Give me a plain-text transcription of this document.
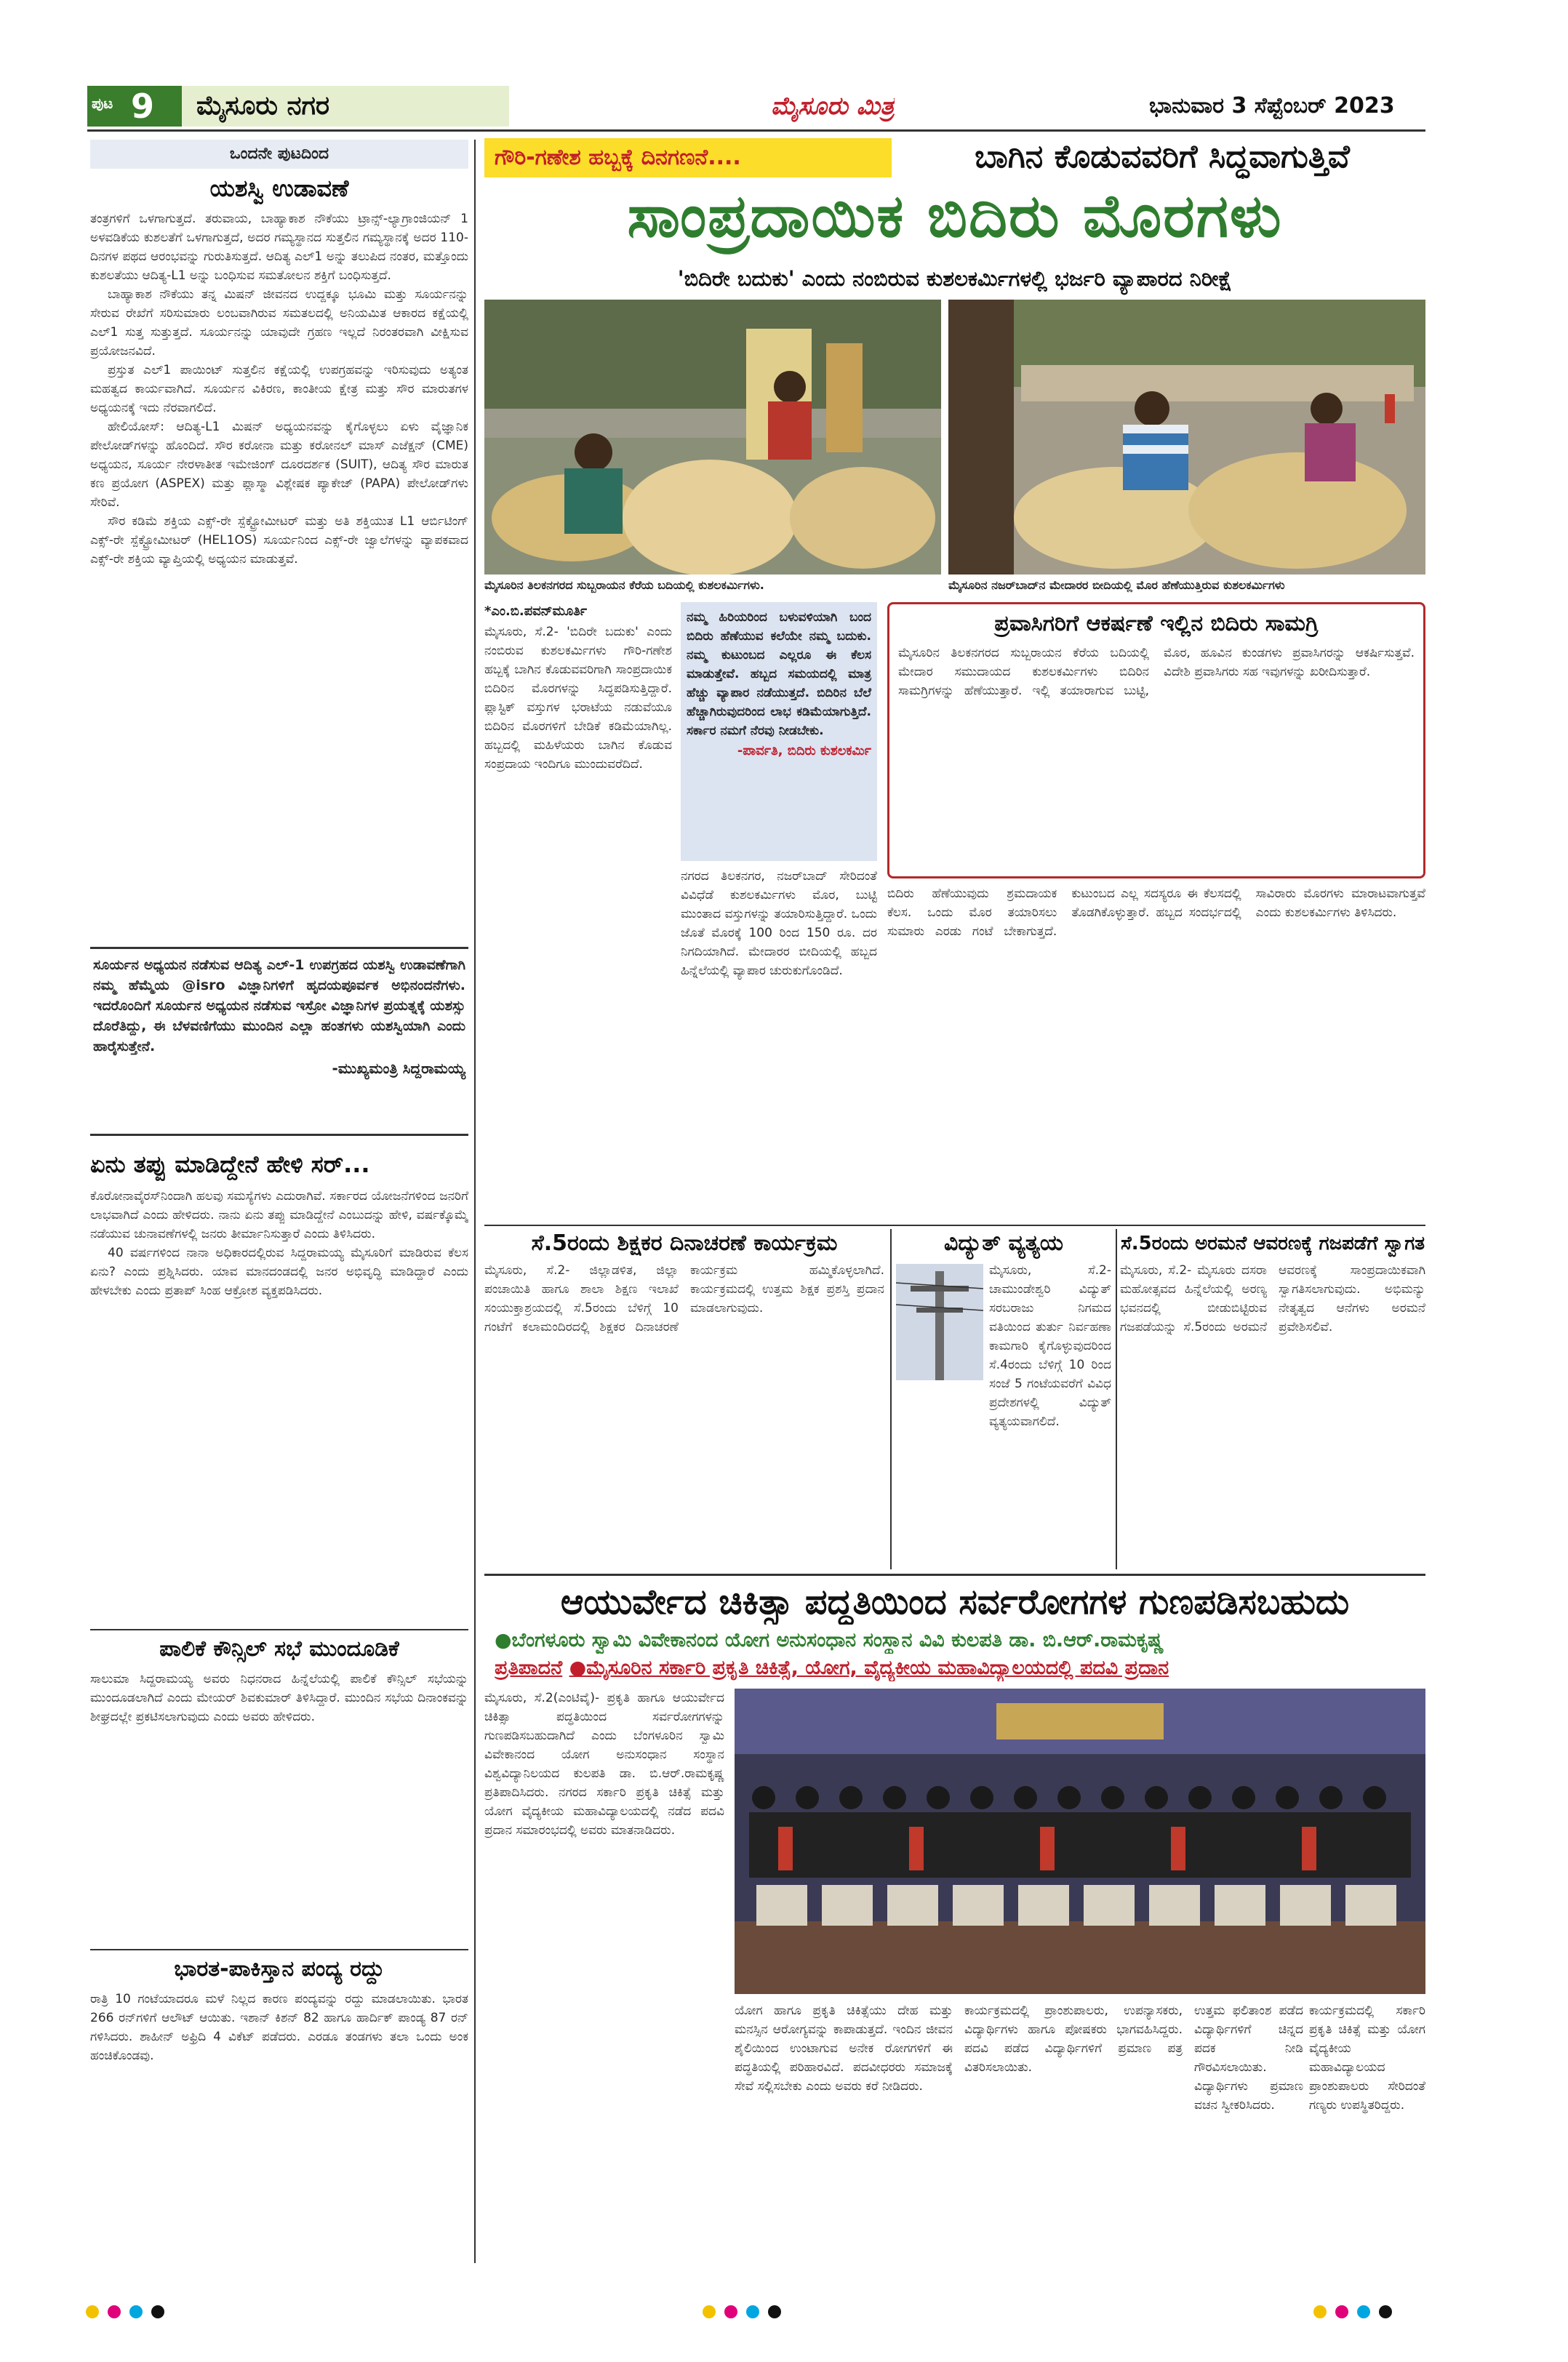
ಪುಟ 9 ಮೈಸೂರು ನಗರ	ಮೈಸೂರು ಮಿತ್ರ	ಭಾನುವಾರ 3 ಸೆಪ್ಟೆಂಬರ್ 2023
ಒಂದನೇ ಪುಟದಿಂದ
ಯಶಸ್ವಿ ಉಡಾವಣೆ

ತಂತ್ರಗಳಿಗೆ ಒಳಗಾಗುತ್ತದೆ. ತರುವಾಯ, ಬಾಹ್ಯಾಕಾಶ ನೌಕೆಯು ಟ್ರಾನ್ಸ್-ಲ್ಯಾಗ್ರಾಂಜಿಯನ್ 1 ಅಳವಡಿಕೆಯ ಕುಶಲತೆಗೆ ಒಳಗಾಗುತ್ತದೆ, ಅದರ ಗಮ್ಯಸ್ಥಾನದ ಸುತ್ತಲಿನ ಗಮ್ಯಸ್ಥಾನಕ್ಕೆ ಅದರ 110-ದಿನಗಳ ಪಥದ ಆರಂಭವನ್ನು ಗುರುತಿಸುತ್ತದೆ. ಆದಿತ್ಯ ಎಲ್1 ಅನ್ನು ತಲುಪಿದ ನಂತರ, ಮತ್ತೊಂದು ಕುಶಲತೆಯು ಆದಿತ್ಯ-L1 ಅನ್ನು ಬಂಧಿಸುವ ಸಮತೋಲನ ಶಕ್ತಿಗೆ ಬಂಧಿಸುತ್ತದೆ.

ಬಾಹ್ಯಾಕಾಶ ನೌಕೆಯು ತನ್ನ ಮಿಷನ್ ಜೀವನದ ಉದ್ದಕ್ಕೂ ಭೂಮಿ ಮತ್ತು ಸೂರ್ಯನನ್ನು ಸೇರುವ ರೇಖೆಗೆ ಸರಿಸುಮಾರು ಲಂಬವಾಗಿರುವ ಸಮತಲದಲ್ಲಿ ಅನಿಯಮಿತ ಆಕಾರದ ಕಕ್ಷೆಯಲ್ಲಿ ಎಲ್1 ಸುತ್ತ ಸುತ್ತುತ್ತದೆ. ಸೂರ್ಯನನ್ನು ಯಾವುದೇ ಗ್ರಹಣ ಇಲ್ಲದೆ ನಿರಂತರವಾಗಿ ವೀಕ್ಷಿಸುವ ಪ್ರಯೋಜನವಿದೆ.

ಪ್ರಸ್ತುತ ಎಲ್1 ಪಾಯಿಂಟ್ ಸುತ್ತಲಿನ ಕಕ್ಷೆಯಲ್ಲಿ ಉಪಗ್ರಹವನ್ನು ಇರಿಸುವುದು ಅತ್ಯಂತ ಮಹತ್ವದ ಕಾರ್ಯವಾಗಿದೆ. ಸೂರ್ಯನ ವಿಕಿರಣ, ಕಾಂತೀಯ ಕ್ಷೇತ್ರ ಮತ್ತು ಸೌರ ಮಾರುತಗಳ ಅಧ್ಯಯನಕ್ಕೆ ಇದು ನೆರವಾಗಲಿದೆ.

ಹೇಲಿಯೋಸ್: ಆದಿತ್ಯ-L1 ಮಿಷನ್ ಅಧ್ಯಯನವನ್ನು ಕೈಗೊಳ್ಳಲು ಏಳು ವೈಜ್ಞಾನಿಕ ಪೇಲೋಡ್‌ಗಳನ್ನು ಹೊಂದಿದೆ. ಸೌರ ಕರೋನಾ ಮತ್ತು ಕರೋನಲ್ ಮಾಸ್ ಎಜೆಕ್ಷನ್ (CME) ಅಧ್ಯಯನ, ಸೂರ್ಯ ನೇರಳಾತೀತ ಇಮೇಜಿಂಗ್ ದೂರದರ್ಶಕ (SUIT), ಆದಿತ್ಯ ಸೌರ ಮಾರುತ ಕಣ ಪ್ರಯೋಗ (ASPEX) ಮತ್ತು ಪ್ಲಾಸ್ಮಾ ವಿಶ್ಲೇಷಕ ಪ್ಯಾಕೇಜ್ (PAPA) ಪೇಲೋಡ್‌ಗಳು ಸೇರಿವೆ.

ಸೌರ ಕಡಿಮೆ ಶಕ್ತಿಯ ಎಕ್ಸ್-ರೇ ಸ್ಪೆಕ್ಟ್ರೋಮೀಟರ್ ಮತ್ತು ಅತಿ ಶಕ್ತಿಯುತ L1 ಆರ್ಬಿಟಿಂಗ್ ಎಕ್ಸ್-ರೇ ಸ್ಪೆಕ್ಟ್ರೋಮೀಟರ್ (HEL1OS) ಸೂರ್ಯನಿಂದ ಎಕ್ಸ್-ರೇ ಜ್ವಾಲೆಗಳನ್ನು ವ್ಯಾಪಕವಾದ ಎಕ್ಸ್-ರೇ ಶಕ್ತಿಯ ವ್ಯಾಪ್ತಿಯಲ್ಲಿ ಅಧ್ಯಯನ ಮಾಡುತ್ತವೆ.

ಸೂರ್ಯನ ಅಧ್ಯಯನ ನಡೆಸುವ ಆದಿತ್ಯ ಎಲ್-1 ಉಪಗ್ರಹದ ಯಶಸ್ವಿ ಉಡಾವಣೆಗಾಗಿ ನಮ್ಮ ಹೆಮ್ಮೆಯ @isro ವಿಜ್ಞಾನಿಗಳಿಗೆ ಹೃದಯಪೂರ್ವಕ ಅಭಿನಂದನೆಗಳು. ಇದರೊಂದಿಗೆ ಸೂರ್ಯನ ಅಧ್ಯಯನ ನಡೆಸುವ ಇಸ್ರೋ ವಿಜ್ಞಾನಿಗಳ ಪ್ರಯತ್ನಕ್ಕೆ ಯಶಸ್ಸು ದೊರೆತಿದ್ದು, ಈ ಬೆಳವಣಿಗೆಯು ಮುಂದಿನ ಎಲ್ಲಾ ಹಂತಗಳು ಯಶಸ್ವಿಯಾಗಿ ಎಂದು ಹಾರೈಸುತ್ತೇನೆ.
-ಮುಖ್ಯಮಂತ್ರಿ ಸಿದ್ದರಾಮಯ್ಯ
ಏನು ತಪ್ಪು ಮಾಡಿದ್ದೇನೆ ಹೇಳಿ ಸರ್...

ಕೊರೋನಾವೈರಸ್‌ನಿಂದಾಗಿ ಹಲವು ಸಮಸ್ಯೆಗಳು ಎದುರಾಗಿವೆ. ಸರ್ಕಾರದ ಯೋಜನೆಗಳಿಂದ ಜನರಿಗೆ ಲಾಭವಾಗಿದೆ ಎಂದು ಹೇಳಿದರು. ನಾನು ಏನು ತಪ್ಪು ಮಾಡಿದ್ದೇನೆ ಎಂಬುದನ್ನು ಹೇಳಿ, ವರ್ಷಕ್ಕೊಮ್ಮೆ ನಡೆಯುವ ಚುನಾವಣೆಗಳಲ್ಲಿ ಜನರು ತೀರ್ಮಾನಿಸುತ್ತಾರೆ ಎಂದು ತಿಳಿಸಿದರು.

40 ವರ್ಷಗಳಿಂದ ನಾನಾ ಅಧಿಕಾರದಲ್ಲಿರುವ ಸಿದ್ದರಾಮಯ್ಯ ಮೈಸೂರಿಗೆ ಮಾಡಿರುವ ಕೆಲಸ ಏನು? ಎಂದು ಪ್ರಶ್ನಿಸಿದರು. ಯಾವ ಮಾನದಂಡದಲ್ಲಿ ಜನರ ಅಭಿವೃದ್ಧಿ ಮಾಡಿದ್ದಾರೆ ಎಂದು ಹೇಳಬೇಕು ಎಂದು ಪ್ರತಾಪ್ ಸಿಂಹ ಆಕ್ರೋಶ ವ್ಯಕ್ತಪಡಿಸಿದರು.

ಪಾಲಿಕೆ ಕೌನ್ಸಿಲ್ ಸಭೆ ಮುಂದೂಡಿಕೆ
ಸಾಲುಮಾ ಸಿದ್ದರಾಮಯ್ಯ ಅವರು ನಿಧನರಾದ ಹಿನ್ನೆಲೆಯಲ್ಲಿ ಪಾಲಿಕೆ ಕೌನ್ಸಿಲ್ ಸಭೆಯನ್ನು ಮುಂದೂಡಲಾಗಿದೆ ಎಂದು ಮೇಯರ್ ಶಿವಕುಮಾರ್ ತಿಳಿಸಿದ್ದಾರೆ. ಮುಂದಿನ ಸಭೆಯ ದಿನಾಂಕವನ್ನು ಶೀಘ್ರದಲ್ಲೇ ಪ್ರಕಟಿಸಲಾಗುವುದು ಎಂದು ಅವರು ಹೇಳಿದರು.
ಭಾರತ-ಪಾಕಿಸ್ತಾನ ಪಂದ್ಯ ರದ್ದು
ರಾತ್ರಿ 10 ಗಂಟೆಯಾದರೂ ಮಳೆ ನಿಲ್ಲದ ಕಾರಣ ಪಂದ್ಯವನ್ನು ರದ್ದು ಮಾಡಲಾಯಿತು. ಭಾರತ 266 ರನ್‌ಗಳಿಗೆ ಆಲೌಟ್ ಆಯಿತು. ಇಶಾನ್ ಕಿಶನ್ 82 ಹಾಗೂ ಹಾರ್ದಿಕ್ ಪಾಂಡ್ಯ 87 ರನ್ ಗಳಿಸಿದರು. ಶಾಹೀನ್ ಅಫ್ರಿದಿ 4 ವಿಕೆಟ್ ಪಡೆದರು. ಎರಡೂ ತಂಡಗಳು ತಲಾ ಒಂದು ಅಂಕ ಹಂಚಿಕೊಂಡವು.
ಗೌರಿ-ಗಣೇಶ ಹಬ್ಬಕ್ಕೆ ದಿನಗಣನೆ....	ಬಾಗಿನ ಕೊಡುವವರಿಗೆ ಸಿದ್ಧವಾಗುತ್ತಿವೆ
ಸಾಂಪ್ರದಾಯಿಕ ಬಿದಿರು ಮೊರಗಳು
'ಬಿದಿರೇ ಬದುಕು' ಎಂದು ನಂಬಿರುವ ಕುಶಲಕರ್ಮಿಗಳಲ್ಲಿ ಭರ್ಜರಿ ವ್ಯಾಪಾರದ ನಿರೀಕ್ಷೆ
ಮೈಸೂರಿನ ತಿಲಕನಗರದ ಸುಬ್ಬರಾಯನ ಕೆರೆಯ ಬದಿಯಲ್ಲಿ ಕುಶಲಕರ್ಮಿಗಳು.	ಮೈಸೂರಿನ ನಜರ್‌ಬಾದ್‌ನ ಮೇದಾರರ ಬೀದಿಯಲ್ಲಿ ಮೊರ ಹೆಣೆಯುತ್ತಿರುವ ಕುಶಲಕರ್ಮಿಗಳು
*ಎಂ.ಬಿ.ಪವನ್‌ಮೂರ್ತಿ
ಮೈಸೂರು, ಸೆ.2- 'ಬಿದಿರೇ ಬದುಕು' ಎಂದು ನಂಬಿರುವ ಕುಶಲಕರ್ಮಿಗಳು ಗೌರಿ-ಗಣೇಶ ಹಬ್ಬಕ್ಕೆ ಬಾಗಿನ ಕೊಡುವವರಿಗಾಗಿ ಸಾಂಪ್ರದಾಯಿಕ ಬಿದಿರಿನ ಮೊರಗಳನ್ನು ಸಿದ್ಧಪಡಿಸುತ್ತಿದ್ದಾರೆ. ಪ್ಲಾಸ್ಟಿಕ್ ವಸ್ತುಗಳ ಭರಾಟೆಯ ನಡುವೆಯೂ ಬಿದಿರಿನ ಮೊರಗಳಿಗೆ ಬೇಡಿಕೆ ಕಡಿಮೆಯಾಗಿಲ್ಲ. ಹಬ್ಬದಲ್ಲಿ ಮಹಿಳೆಯರು ಬಾಗಿನ ಕೊಡುವ ಸಂಪ್ರದಾಯ ಇಂದಿಗೂ ಮುಂದುವರೆದಿದೆ.
ನಮ್ಮ ಹಿರಿಯರಿಂದ ಬಳುವಳಿಯಾಗಿ ಬಂದ ಬಿದಿರು ಹೆಣೆಯುವ ಕಲೆಯೇ ನಮ್ಮ ಬದುಕು. ನಮ್ಮ ಕುಟುಂಬದ ಎಲ್ಲರೂ ಈ ಕೆಲಸ ಮಾಡುತ್ತೇವೆ. ಹಬ್ಬದ ಸಮಯದಲ್ಲಿ ಮಾತ್ರ ಹೆಚ್ಚು ವ್ಯಾಪಾರ ನಡೆಯುತ್ತದೆ. ಬಿದಿರಿನ ಬೆಲೆ ಹೆಚ್ಚಾಗಿರುವುದರಿಂದ ಲಾಭ ಕಡಿಮೆಯಾಗುತ್ತಿದೆ. ಸರ್ಕಾರ ನಮಗೆ ನೆರವು ನೀಡಬೇಕು.
-ಪಾರ್ವತಿ, ಬಿದಿರು ಕುಶಲಕರ್ಮಿ
ನಗರದ ತಿಲಕನಗರ, ನಜರ್‌ಬಾದ್ ಸೇರಿದಂತೆ ವಿವಿಧೆಡೆ ಕುಶಲಕರ್ಮಿಗಳು ಮೊರ, ಬುಟ್ಟಿ ಮುಂತಾದ ವಸ್ತುಗಳನ್ನು ತಯಾರಿಸುತ್ತಿದ್ದಾರೆ. ಒಂದು ಜೊತೆ ಮೊರಕ್ಕೆ 100 ರಿಂದ 150 ರೂ. ದರ ನಿಗದಿಯಾಗಿದೆ. ಮೇದಾರರ ಬೀದಿಯಲ್ಲಿ ಹಬ್ಬದ ಹಿನ್ನೆಲೆಯಲ್ಲಿ ವ್ಯಾಪಾರ ಚುರುಕುಗೊಂಡಿದೆ.
ಪ್ರವಾಸಿಗರಿಗೆ ಆಕರ್ಷಣೆ ಇಲ್ಲಿನ ಬಿದಿರು ಸಾಮಗ್ರಿ
ಮೈಸೂರಿನ ತಿಲಕನಗರದ ಸುಬ್ಬರಾಯನ ಕೆರೆಯ ಬದಿಯಲ್ಲಿ ಮೇದಾರ ಸಮುದಾಯದ ಕುಶಲಕರ್ಮಿಗಳು ಬಿದಿರಿನ ಸಾಮಗ್ರಿಗಳನ್ನು ಹೆಣೆಯುತ್ತಾರೆ. ಇಲ್ಲಿ ತಯಾರಾಗುವ ಬುಟ್ಟಿ, ಮೊರ, ಹೂವಿನ ಕುಂಡಗಳು ಪ್ರವಾಸಿಗರನ್ನು ಆಕರ್ಷಿಸುತ್ತವೆ. ವಿದೇಶಿ ಪ್ರವಾಸಿಗರು ಸಹ ಇವುಗಳನ್ನು ಖರೀದಿಸುತ್ತಾರೆ.
ಬಿದಿರು ಹೆಣೆಯುವುದು ಶ್ರಮದಾಯಕ ಕೆಲಸ. ಒಂದು ಮೊರ ತಯಾರಿಸಲು ಸುಮಾರು ಎರಡು ಗಂಟೆ ಬೇಕಾಗುತ್ತದೆ. ಕುಟುಂಬದ ಎಲ್ಲ ಸದಸ್ಯರೂ ಈ ಕೆಲಸದಲ್ಲಿ ತೊಡಗಿಕೊಳ್ಳುತ್ತಾರೆ. ಹಬ್ಬದ ಸಂದರ್ಭದಲ್ಲಿ ಸಾವಿರಾರು ಮೊರಗಳು ಮಾರಾಟವಾಗುತ್ತವೆ ಎಂದು ಕುಶಲಕರ್ಮಿಗಳು ತಿಳಿಸಿದರು.
ಸೆ.5ರಂದು ಶಿಕ್ಷಕರ ದಿನಾಚರಣೆ ಕಾರ್ಯಕ್ರಮ
ಮೈಸೂರು, ಸೆ.2- ಜಿಲ್ಲಾಡಳಿತ, ಜಿಲ್ಲಾ ಪಂಚಾಯಿತಿ ಹಾಗೂ ಶಾಲಾ ಶಿಕ್ಷಣ ಇಲಾಖೆ ಸಂಯುಕ್ತಾಶ್ರಯದಲ್ಲಿ ಸೆ.5ರಂದು ಬೆಳಿಗ್ಗೆ 10 ಗಂಟೆಗೆ ಕಲಾಮಂದಿರದಲ್ಲಿ ಶಿಕ್ಷಕರ ದಿನಾಚರಣೆ ಕಾರ್ಯಕ್ರಮ ಹಮ್ಮಿಕೊಳ್ಳಲಾಗಿದೆ. ಕಾರ್ಯಕ್ರಮದಲ್ಲಿ ಉತ್ತಮ ಶಿಕ್ಷಕ ಪ್ರಶಸ್ತಿ ಪ್ರದಾನ ಮಾಡಲಾಗುವುದು.
ವಿದ್ಯುತ್ ವ್ಯತ್ಯಯ
ಮೈಸೂರು, ಸೆ.2- ಚಾಮುಂಡೇಶ್ವರಿ ವಿದ್ಯುತ್ ಸರಬರಾಜು ನಿಗಮದ ವತಿಯಿಂದ ತುರ್ತು ನಿರ್ವಹಣಾ ಕಾಮಗಾರಿ ಕೈಗೊಳ್ಳುವುದರಿಂದ ಸೆ.4ರಂದು ಬೆಳಿಗ್ಗೆ 10 ರಿಂದ ಸಂಜೆ 5 ಗಂಟೆಯವರೆಗೆ ವಿವಿಧ ಪ್ರದೇಶಗಳಲ್ಲಿ ವಿದ್ಯುತ್ ವ್ಯತ್ಯಯವಾಗಲಿದೆ.
ಸೆ.5ರಂದು ಅರಮನೆ ಆವರಣಕ್ಕೆ ಗಜಪಡೆಗೆ ಸ್ವಾಗತ
ಮೈಸೂರು, ಸೆ.2- ಮೈಸೂರು ದಸರಾ ಮಹೋತ್ಸವದ ಹಿನ್ನೆಲೆಯಲ್ಲಿ ಅರಣ್ಯ ಭವನದಲ್ಲಿ ಬೀಡುಬಿಟ್ಟಿರುವ ಗಜಪಡೆಯನ್ನು ಸೆ.5ರಂದು ಅರಮನೆ ಆವರಣಕ್ಕೆ ಸಾಂಪ್ರದಾಯಿಕವಾಗಿ ಸ್ವಾಗತಿಸಲಾಗುವುದು. ಅಭಿಮನ್ಯು ನೇತೃತ್ವದ ಆನೆಗಳು ಅರಮನೆ ಪ್ರವೇಶಿಸಲಿವೆ.
ಆಯುರ್ವೇದ ಚಿಕಿತ್ಸಾ ಪದ್ಧತಿಯಿಂದ ಸರ್ವರೋಗಗಳ ಗುಣಪಡಿಸಬಹುದು
●ಬೆಂಗಳೂರು ಸ್ವಾಮಿ ವಿವೇಕಾನಂದ ಯೋಗ ಅನುಸಂಧಾನ ಸಂಸ್ಥಾನ ವಿವಿ ಕುಲಪತಿ ಡಾ. ಬಿ.ಆರ್.ರಾಮಕೃಷ್ಣ
ಪ್ರತಿಪಾದನೆ ●ಮೈಸೂರಿನ ಸರ್ಕಾರಿ ಪ್ರಕೃತಿ ಚಿಕಿತ್ಸೆ, ಯೋಗ, ವೈದ್ಯಕೀಯ ಮಹಾವಿದ್ಯಾಲಯದಲ್ಲಿ ಪದವಿ ಪ್ರದಾನ
ಮೈಸೂರು, ಸೆ.2(ಎಂಟಿವೈ)- ಪ್ರಕೃತಿ ಹಾಗೂ ಆಯುರ್ವೇದ ಚಿಕಿತ್ಸಾ ಪದ್ಧತಿಯಿಂದ ಸರ್ವರೋಗಗಳನ್ನು ಗುಣಪಡಿಸಬಹುದಾಗಿದೆ ಎಂದು ಬೆಂಗಳೂರಿನ ಸ್ವಾಮಿ ವಿವೇಕಾನಂದ ಯೋಗ ಅನುಸಂಧಾನ ಸಂಸ್ಥಾನ ವಿಶ್ವವಿದ್ಯಾನಿಲಯದ ಕುಲಪತಿ ಡಾ. ಬಿ.ಆರ್.ರಾಮಕೃಷ್ಣ ಪ್ರತಿಪಾದಿಸಿದರು. ನಗರದ ಸರ್ಕಾರಿ ಪ್ರಕೃತಿ ಚಿಕಿತ್ಸೆ ಮತ್ತು ಯೋಗ ವೈದ್ಯಕೀಯ ಮಹಾವಿದ್ಯಾಲಯದಲ್ಲಿ ನಡೆದ ಪದವಿ ಪ್ರದಾನ ಸಮಾರಂಭದಲ್ಲಿ ಅವರು ಮಾತನಾಡಿದರು.
ಯೋಗ ಹಾಗೂ ಪ್ರಕೃತಿ ಚಿಕಿತ್ಸೆಯು ದೇಹ ಮತ್ತು ಮನಸ್ಸಿನ ಆರೋಗ್ಯವನ್ನು ಕಾಪಾಡುತ್ತದೆ. ಇಂದಿನ ಜೀವನ ಶೈಲಿಯಿಂದ ಉಂಟಾಗುವ ಅನೇಕ ರೋಗಗಳಿಗೆ ಈ ಪದ್ಧತಿಯಲ್ಲಿ ಪರಿಹಾರವಿದೆ. ಪದವೀಧರರು ಸಮಾಜಕ್ಕೆ ಸೇವೆ ಸಲ್ಲಿಸಬೇಕು ಎಂದು ಅವರು ಕರೆ ನೀಡಿದರು.
ಕಾರ್ಯಕ್ರಮದಲ್ಲಿ ಪ್ರಾಂಶುಪಾಲರು, ಉಪನ್ಯಾಸಕರು, ವಿದ್ಯಾರ್ಥಿಗಳು ಹಾಗೂ ಪೋಷಕರು ಭಾಗವಹಿಸಿದ್ದರು. ಪದವಿ ಪಡೆದ ವಿದ್ಯಾರ್ಥಿಗಳಿಗೆ ಪ್ರಮಾಣ ಪತ್ರ ವಿತರಿಸಲಾಯಿತು.
ಉತ್ತಮ ಫಲಿತಾಂಶ ಪಡೆದ ವಿದ್ಯಾರ್ಥಿಗಳಿಗೆ ಚಿನ್ನದ ಪದಕ ನೀಡಿ ಗೌರವಿಸಲಾಯಿತು. ವಿದ್ಯಾರ್ಥಿಗಳು ಪ್ರಮಾಣ ವಚನ ಸ್ವೀಕರಿಸಿದರು.
ಕಾರ್ಯಕ್ರಮದಲ್ಲಿ ಸರ್ಕಾರಿ ಪ್ರಕೃತಿ ಚಿಕಿತ್ಸೆ ಮತ್ತು ಯೋಗ ವೈದ್ಯಕೀಯ ಮಹಾವಿದ್ಯಾಲಯದ ಪ್ರಾಂಶುಪಾಲರು ಸೇರಿದಂತೆ ಗಣ್ಯರು ಉಪಸ್ಥಿತರಿದ್ದರು.
